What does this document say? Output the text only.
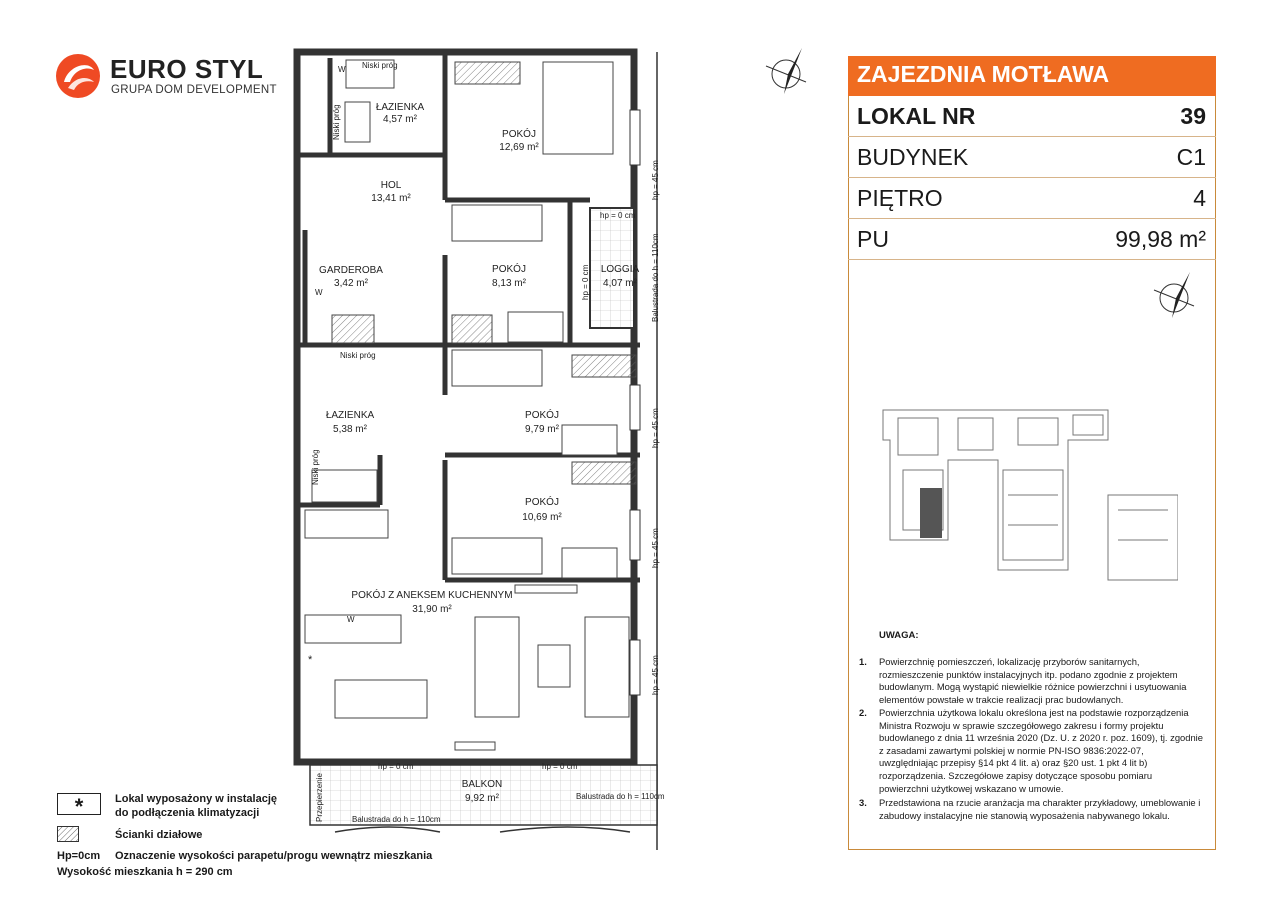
EURO STYL
GRUPA DOM DEVELOPMENT
ŁAZIENKA
4,57 m²
POKÓJ
12,69 m²
HOL
13,41 m²
GARDEROBA
3,42 m²
POKÓJ
8,13 m²
LOGGIA
4,07 m²
ŁAZIENKA
5,38 m²
POKÓJ
9,79 m²
POKÓJ
10,69 m²
POKÓJ Z ANEKSEM KUCHENNYM
31,90 m²
BALKON
9,92 m²
Niski próg
Niski próg
W
W
W
hp = 0 cm
hp = 0 cm	hp = 0 cm
Balustrada do h = 110cm
Balustrada do h = 110cm
*
hp = 45 cm
hp = 45 cm
hp = 45 cm
hp = 45 cm
Balustrada do h = 110cm
hp = 0 cm
Przepierzenie
Niski próg
Niski próg
ZAJEZDNIA MOTŁAWA
LOKAL NR	39
BUDYNEK	C1
PIĘTRO	4
PU	99,98 m²
UWAGA:
1. Powierzchnię pomieszczeń, lokalizację przyborów sanitarnych, rozmieszczenie punktów instalacyjnych itp. podano zgodnie z projektem budowlanym. Mogą wystąpić niewielkie różnice powierzchni i usytuowania elementów powstałe w trakcie realizacji prac budowlanych.
2. Powierzchnia użytkowa lokalu określona jest na podstawie rozporządzenia Ministra Rozwoju w sprawie szczegółowego zakresu i formy projektu budowlanego z dnia 11 września 2020 (Dz. U. z 2020 r. poz. 1609), tj. zgodnie z zasadami zawartymi polskiej w normie PN-ISO 9836:2022-07, uwzględniając przepisy §14 pkt 4 lit. a) oraz §20 ust. 1 pkt 4 lit b) rozporządzenia. Szczegółowe zapisy dotyczące sposobu pomiaru powierzchni użytkowej wskazano w umowie.
3. Przedstawiona na rzucie aranżacja ma charakter przykładowy, umeblowanie i zabudowy instalacyjne nie stanowią wyposażenia nabywanego lokalu.
*	Lokal wyposażony w instalację do podłączenia klimatyzacji
Ścianki działowe
Hp=0cm Oznaczenie wysokości parapetu/progu wewnątrz mieszkania
Wysokość mieszkania h = 290 cm
